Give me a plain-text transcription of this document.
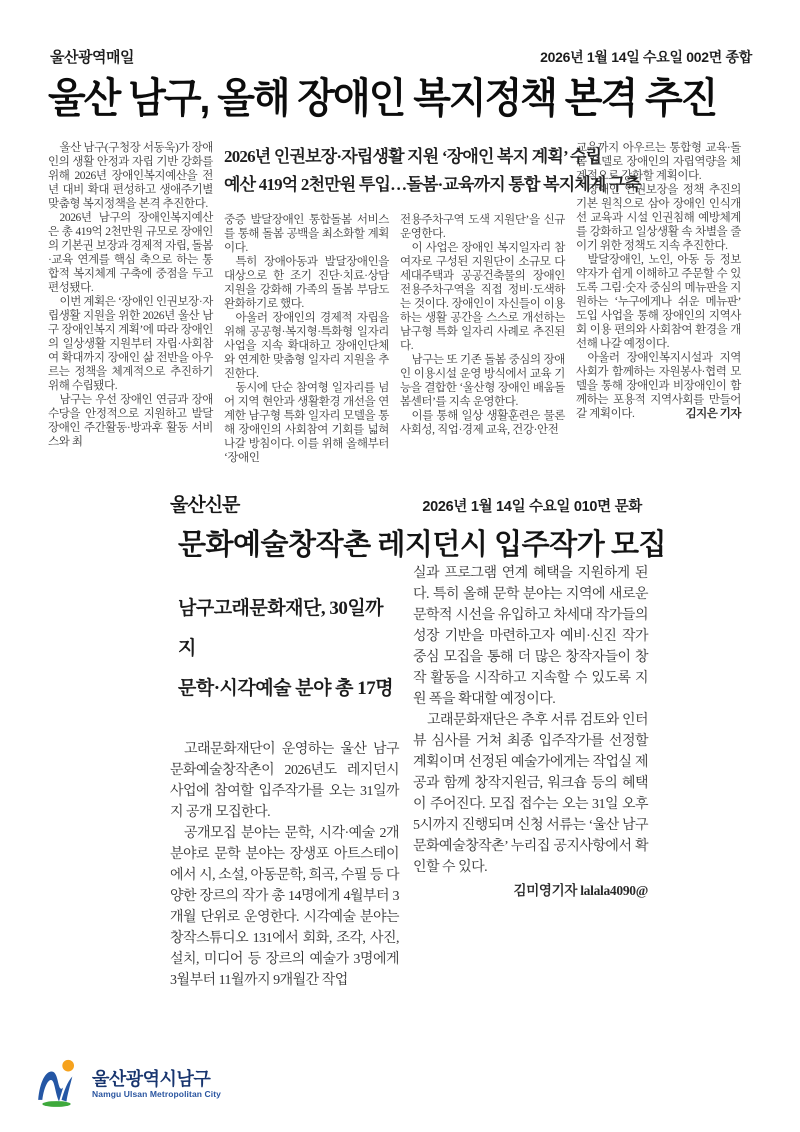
울산광역매일	2026년 1월 14일 수요일 002면 종합
울산 남구, 올해 장애인 복지정책 본격 추진

울산 남구(구청장 서동욱)가 장애인의 생활 안정과 자립 기반 강화를 위해 2026년 장애인복지예산을 전년 대비 확대 편성하고 생애주기별 맞춤형 복지정책을 본격 추진한다.

2026년 남구의 장애인복지예산은 총 419억 2천만원 규모로 장애인의 기본권 보장과 경제적 자립, 돌봄·교육 연계를 핵심 축으로 하는 통합적 복지체계 구축에 중점을 두고 편성됐다.

이번 계획은 ‘장애인 인권보장·자립생활 지원을 위한 2026년 울산 남구 장애인복지 계획’에 따라 장애인의 일상생활 지원부터 자립·사회참여 확대까지 장애인 삶 전반을 아우르는 정책을 체계적으로 추진하기 위해 수립됐다.

남구는 우선 장애인 연금과 장애 수당을 안정적으로 지원하고 발달장애인 주간활동·방과후 활동 서비스와 최

2026년 인권보장·자립생활 지원 ‘장애인 복지 계획’ 수립
예산 419억 2천만원 투입…돌봄·교육까지 통합 복지체계 구축

중증 발달장애인 통합돌봄 서비스를 통해 돌봄 공백을 최소화할 계획이다.

특히 장애아동과 발달장애인을 대상으로 한 조기 진단·치료·상담 지원을 강화해 가족의 돌봄 부담도 완화하기로 했다.

아울러 장애인의 경제적 자립을 위해 공공형·복지형·특화형 일자리 사업을 지속 확대하고 장애인단체와 연계한 맞춤형 일자리 지원을 추진한다.

동시에 단순 참여형 일자리를 넘어 지역 현안과 생활환경 개선을 연계한 남구형 특화 일자리 모델을 통해 장애인의 사회참여 기회를 넓혀나갈 방침이다. 이를 위해 올해부터 ‘장애인

전용주차구역 도색 지원단’을 신규 운영한다.

이 사업은 장애인 복지일자리 참여자로 구성된 지원단이 소규모 다세대주택과 공공건축물의 장애인전용주차구역을 직접 정비·도색하는 것이다. 장애인이 자신들이 이용하는 생활 공간을 스스로 개선하는 남구형 특화 일자리 사례로 추진된다.

남구는 또 기존 돌봄 중심의 장애인 이용시설 운영 방식에서 교육 기능을 결합한 ‘울산형 장애인 배움돌봄센터’를 지속 운영한다.

이를 통해 일상 생활훈련은 물론 사회성, 직업·경제 교육, 건강·안전

교육까지 아우르는 통합형 교육·돌봄 모델로 장애인의 자립역량을 체계적으로 강화할 계획이다.

장애인 인권보장을 정책 추진의 기본 원칙으로 삼아 장애인 인식개선 교육과 시설 인권침해 예방체계를 강화하고 일상생활 속 차별을 줄이기 위한 정책도 지속 추진한다.

발달장애인, 노인, 아동 등 정보약자가 쉽게 이해하고 주문할 수 있도록 그림·숫자 중심의 메뉴판을 지원하는 ‘누구에게나 쉬운 메뉴판’ 도입 사업을 통해 장애인의 지역사회 이용 편의와 사회참여 환경을 개선해 나갈 예정이다.

아울러 장애인복지시설과 지역사회가 함께하는 자원봉사·협력 모델을 통해 장애인과 비장애인이 함께하는 포용적 지역사회를 만들어갈 계획이다.	김지은 기자
울산신문	2026년 1월 14일 수요일 010면 문화
문화예술창작촌 레지던시 입주작가 모집
남구고래문화재단, 30일까지
문학·시각예술 분야 총 17명

고래문화재단이 운영하는 울산 남구 문화예술창작촌이 2026년도 레지던시 사업에 참여할 입주작가를 오는 31일까지 공개 모집한다.

공개모집 분야는 문학, 시각·예술 2개 분야로 문학 분야는 장생포 아트스테이에서 시, 소설, 아동문학, 희곡, 수필 등 다양한 장르의 작가 총 14명에게 4월부터 3개월 단위로 운영한다. 시각예술 분야는 창작스튜디오 131에서 회화, 조각, 사진, 설치, 미디어 등 장르의 예술가 3명에게 3월부터 11월까지 9개월간 작업

실과 프로그램 연계 혜택을 지원하게 된다. 특히 올해 문학 분야는 지역에 새로운 문학적 시선을 유입하고 차세대 작가들의 성장 기반을 마련하고자 예비·신진 작가 중심 모집을 통해 더 많은 창작자들이 창작 활동을 시작하고 지속할 수 있도록 지원 폭을 확대할 예정이다.

고래문화재단은 추후 서류 검토와 인터뷰 심사를 거쳐 최종 입주작가를 선정할 계획이며 선정된 예술가에게는 작업실 제공과 함께 창작지원금, 워크숍 등의 혜택이 주어진다. 모집 접수는 오는 31일 오후 5시까지 진행되며 신청 서류는 ‘울산 남구 문화예술창작촌’ 누리집 공지사항에서 확인할 수 있다.

김미영기자 lalala4090@
울산광역시남구
Namgu Ulsan Metropolitan City
